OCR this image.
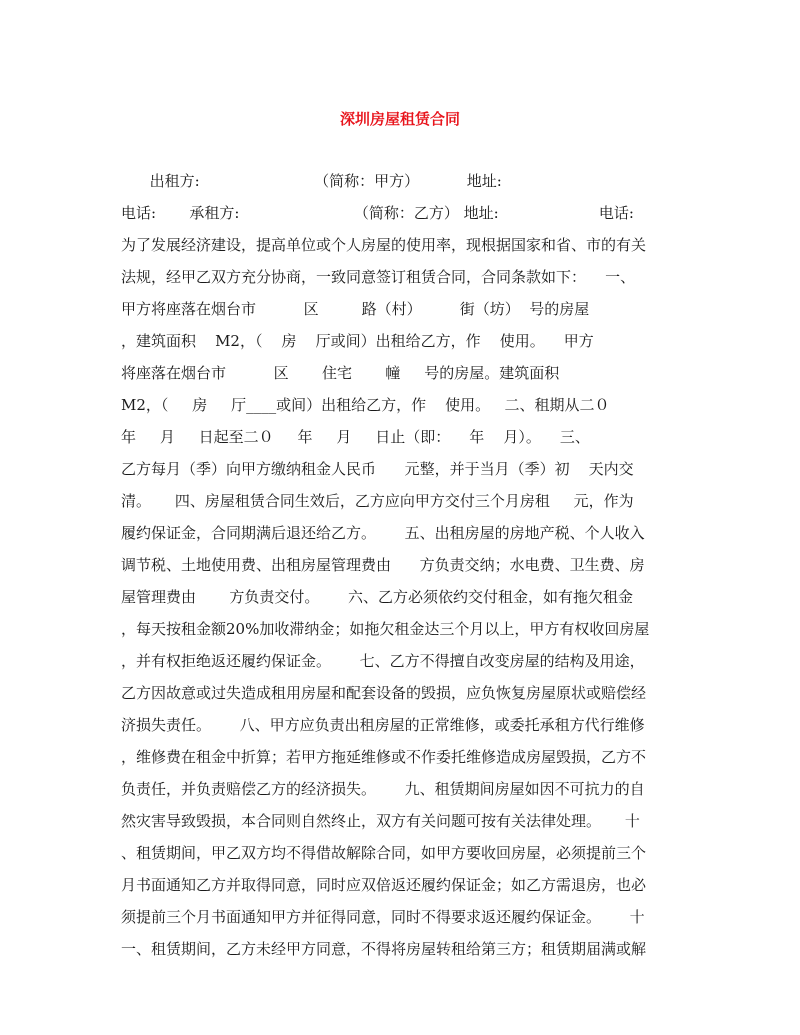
深圳房屋租赁合同
出租方:                        （简称：甲方）          地址:
电话:       承租方:                        （简称：乙方） 地址:                     电话:
为了发展经济建设，提高单位或个人房屋的使用率，现根据国家和省、市的有关
法规，经甲乙双方充分协商，一致同意签订租赁合同，合同条款如下：    一、
甲方将座落在烟台市          区         路（村）        街（坊）  号的房屋
，建筑面积    M2，（    房    厅或间）出租给乙方，作    使用。    甲方
将座落在烟台市          区       住宅       幢     号的房屋。建筑面积
M2，（     房     厅____或间）出租给乙方，作    使用。   二、租期从二０
年     月     日起至二０     年     月     日止（即：    年    月）。    三、
乙方每月（季）向甲方缴纳租金人民币      元整，并于当月（季）初    天内交
清。     四、房屋租赁合同生效后，乙方应向甲方交付三个月房租     元，作为
履约保证金，合同期满后退还给乙方。      五、出租房屋的房地产税、个人收入
调节税、土地使用费、出租房屋管理费由      方负责交纳；水电费、卫生费、房
屋管理费由       方负责交付。      六、乙方必须依约交付租金，如有拖欠租金
，每天按租金额20%加收滞纳金；如拖欠租金达三个月以上，甲方有权收回房屋
，并有权拒绝返还履约保证金。      七、乙方不得擅自改变房屋的结构及用途，
乙方因故意或过失造成租用房屋和配套设备的毁损，应负恢复房屋原状或赔偿经
济损失责任。      八、甲方应负责出租房屋的正常维修，或委托承租方代行维修
，维修费在租金中折算；若甲方拖延维修或不作委托维修造成房屋毁损，乙方不
负责任，并负责赔偿乙方的经济损失。      九、租赁期间房屋如因不可抗力的自
然灾害导致毁损，本合同则自然终止，双方有关问题可按有关法律处理。     十
、租赁期间，甲乙双方均不得借故解除合同，如甲方要收回房屋，必须提前三个
月书面通知乙方并取得同意，同时应双倍返还履约保证金；如乙方需退房，也必
须提前三个月书面通知甲方并征得同意，同时不得要求返还履约保证金。      十
一、租赁期间，乙方未经甲方同意，不得将房屋转租给第三方；租赁期届满或解
